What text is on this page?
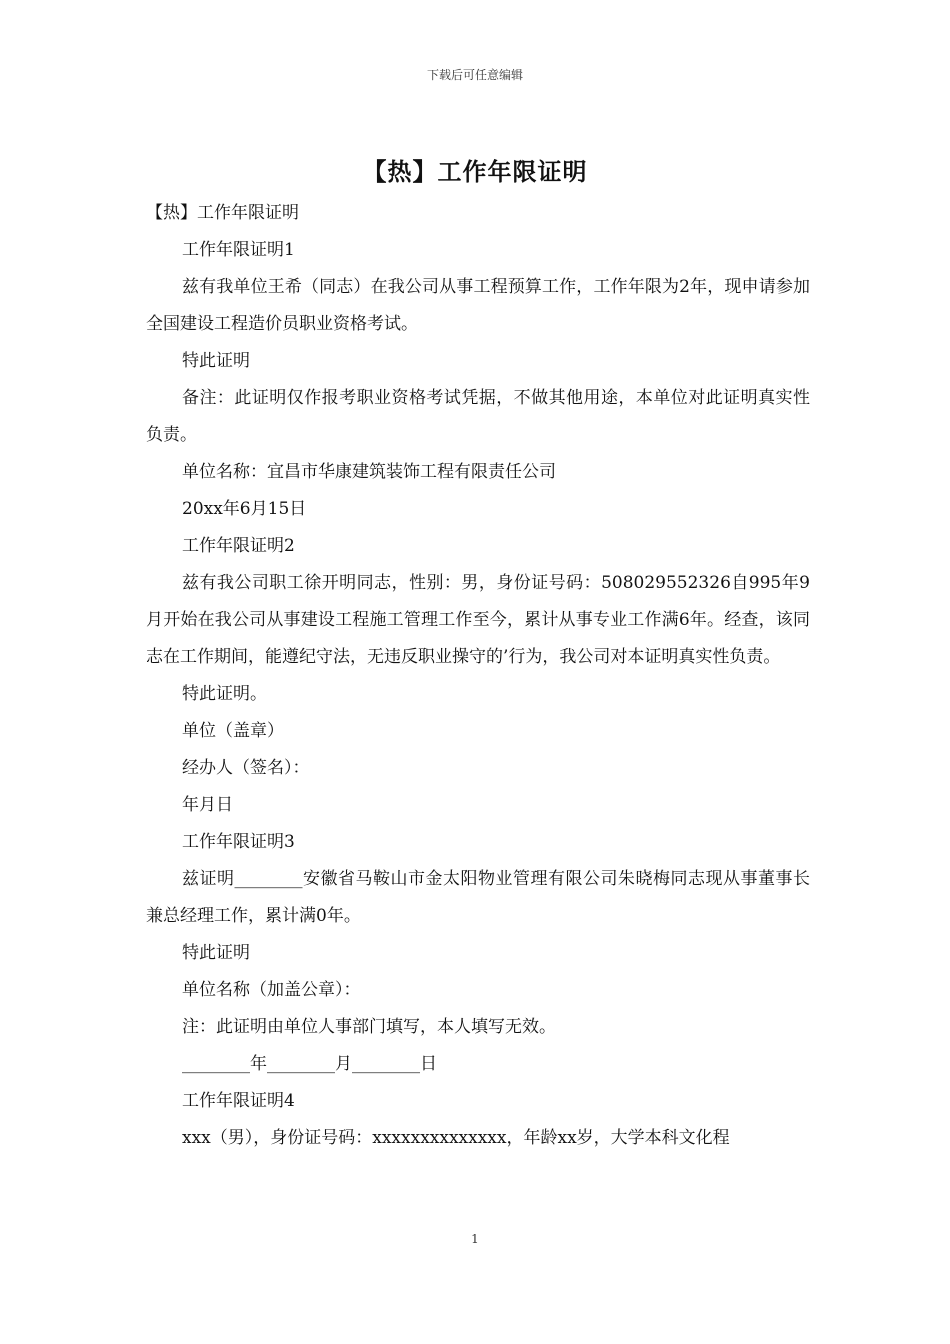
下载后可任意编辑
【热】工作年限证明

【热】工作年限证明

工作年限证明1

兹有我单位王希（同志）在我公司从事工程预算工作，工作年限为2年，现申请参加全国建设工程造价员职业资格考试。

特此证明

备注：此证明仅作报考职业资格考试凭据，不做其他用途，本单位对此证明真实性负责。

单位名称：宜昌市华康建筑装饰工程有限责任公司

20xx年6月15日

工作年限证明2

兹有我公司职工徐开明同志，性别：男，身份证号码：508029552326自995年9月开始在我公司从事建设工程施工管理工作至今，累计从事专业工作满6年。经查，该同志在工作期间，能遵纪守法，无违反职业操守的’行为，我公司对本证明真实性负责。

特此证明。

单位（盖章）

经办人（签名）：

年月日

工作年限证明3

兹证明________安徽省马鞍山市金太阳物业管理有限公司朱晓梅同志现从事董事长兼总经理工作，累计满0年。

特此证明

单位名称（加盖公章）：

注：此证明由单位人事部门填写，本人填写无效。

________年________月________日

工作年限证明4

xxx（男），身份证号码：xxxxxxxxxxxxxx，年龄xx岁，大学本科文化程

1
